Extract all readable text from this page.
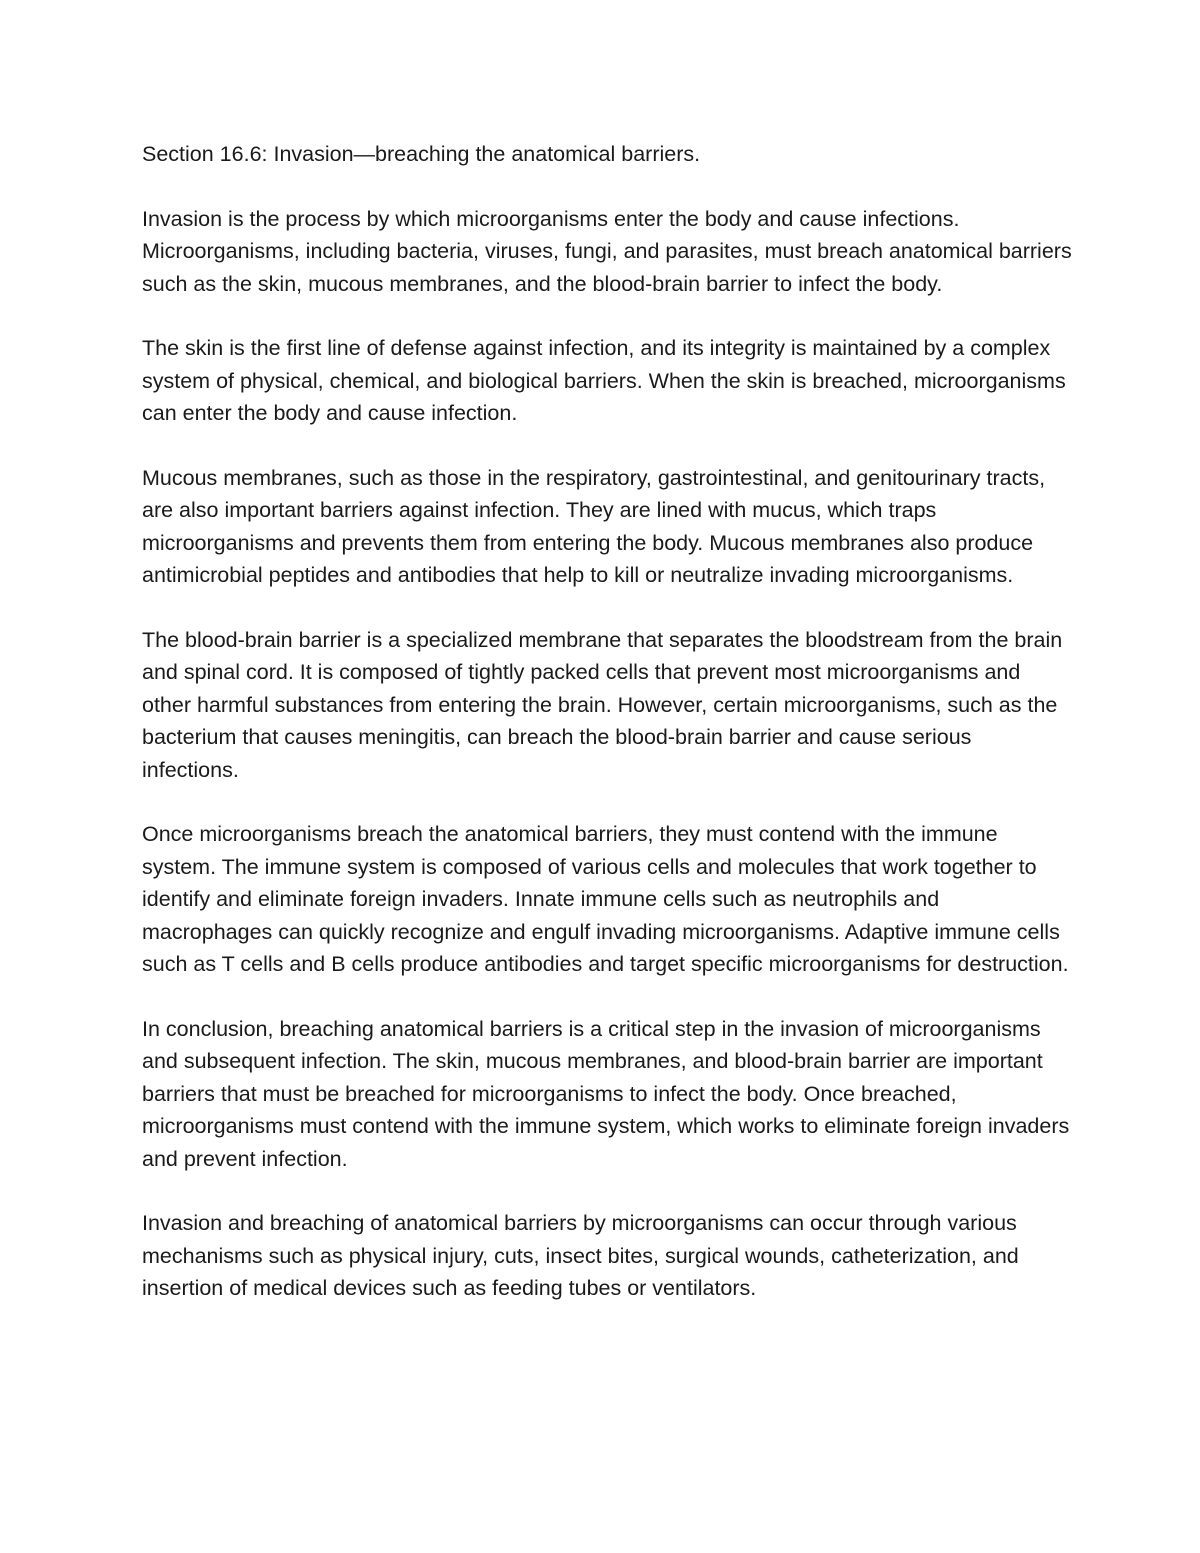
Section 16.6: Invasion—breaching the anatomical barriers.

Invasion is the process by which microorganisms enter the body and cause infections. Microorganisms, including bacteria, viruses, fungi, and parasites, must breach anatomical barriers such as the skin, mucous membranes, and the blood-brain barrier to infect the body.

The skin is the first line of defense against infection, and its integrity is maintained by a complex system of physical, chemical, and biological barriers. When the skin is breached, microorganisms can enter the body and cause infection.

Mucous membranes, such as those in the respiratory, gastrointestinal, and genitourinary tracts, are also important barriers against infection. They are lined with mucus, which traps microorganisms and prevents them from entering the body. Mucous membranes also produce antimicrobial peptides and antibodies that help to kill or neutralize invading microorganisms.

The blood-brain barrier is a specialized membrane that separates the bloodstream from the brain and spinal cord. It is composed of tightly packed cells that prevent most microorganisms and other harmful substances from entering the brain. However, certain microorganisms, such as the bacterium that causes meningitis, can breach the blood-brain barrier and cause serious infections.

Once microorganisms breach the anatomical barriers, they must contend with the immune system. The immune system is composed of various cells and molecules that work together to identify and eliminate foreign invaders. Innate immune cells such as neutrophils and macrophages can quickly recognize and engulf invading microorganisms. Adaptive immune cells such as T cells and B cells produce antibodies and target specific microorganisms for destruction.

In conclusion, breaching anatomical barriers is a critical step in the invasion of microorganisms and subsequent infection. The skin, mucous membranes, and blood-brain barrier are important barriers that must be breached for microorganisms to infect the body. Once breached, microorganisms must contend with the immune system, which works to eliminate foreign invaders and prevent infection.

Invasion and breaching of anatomical barriers by microorganisms can occur through various mechanisms such as physical injury, cuts, insect bites, surgical wounds, catheterization, and insertion of medical devices such as feeding tubes or ventilators.
